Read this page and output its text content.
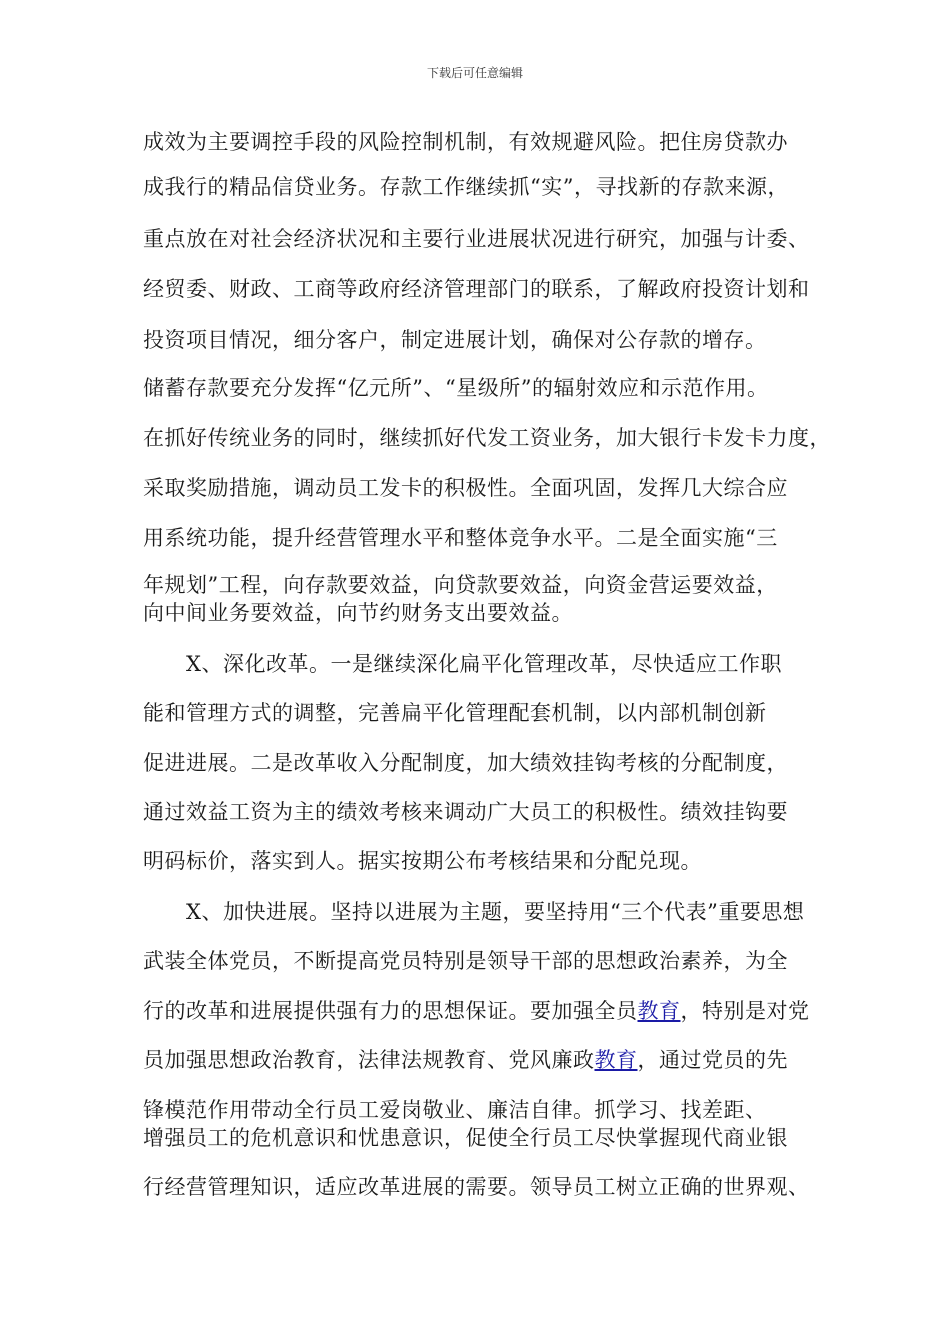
下载后可任意编辑
成效为主要调控手段的风险控制机制，有效规避风险。把住房贷款办
成我行的精品信贷业务。存款工作继续抓“实”，寻找新的存款来源，
重点放在对社会经济状况和主要行业进展状况进行研究，加强与计委、
经贸委、财政、工商等政府经济管理部门的联系，了解政府投资计划和
投资项目情况，细分客户，制定进展计划，确保对公存款的增存。
储蓄存款要充分发挥“亿元所”、“星级所”的辐射效应和示范作用。
在抓好传统业务的同时，继续抓好代发工资业务，加大银行卡发卡力度，
采取奖励措施，调动员工发卡的积极性。全面巩固，发挥几大综合应
用系统功能，提升经营管理水平和整体竞争水平。二是全面实施“三
年规划”工程，向存款要效益，向贷款要效益，向资金营运要效益，
向中间业务要效益，向节约财务支出要效益。
X、深化改革。一是继续深化扁平化管理改革，尽快适应工作职
能和管理方式的调整，完善扁平化管理配套机制，以内部机制创新
促进进展。二是改革收入分配制度，加大绩效挂钩考核的分配制度，
通过效益工资为主的绩效考核来调动广大员工的积极性。绩效挂钩要
明码标价，落实到人。据实按期公布考核结果和分配兑现。
X、加快进展。坚持以进展为主题，要坚持用“三个代表”重要思想
武装全体党员，不断提高党员特别是领导干部的思想政治素养，为全
行的改革和进展提供强有力的思想保证。要加强全员教育，特别是对党
员加强思想政治教育，法律法规教育、党风廉政教育，通过党员的先
锋模范作用带动全行员工爱岗敬业、廉洁自律。抓学习、找差距、
增强员工的危机意识和忧患意识，促使全行员工尽快掌握现代商业银
行经营管理知识，适应改革进展的需要。领导员工树立正确的世界观、
